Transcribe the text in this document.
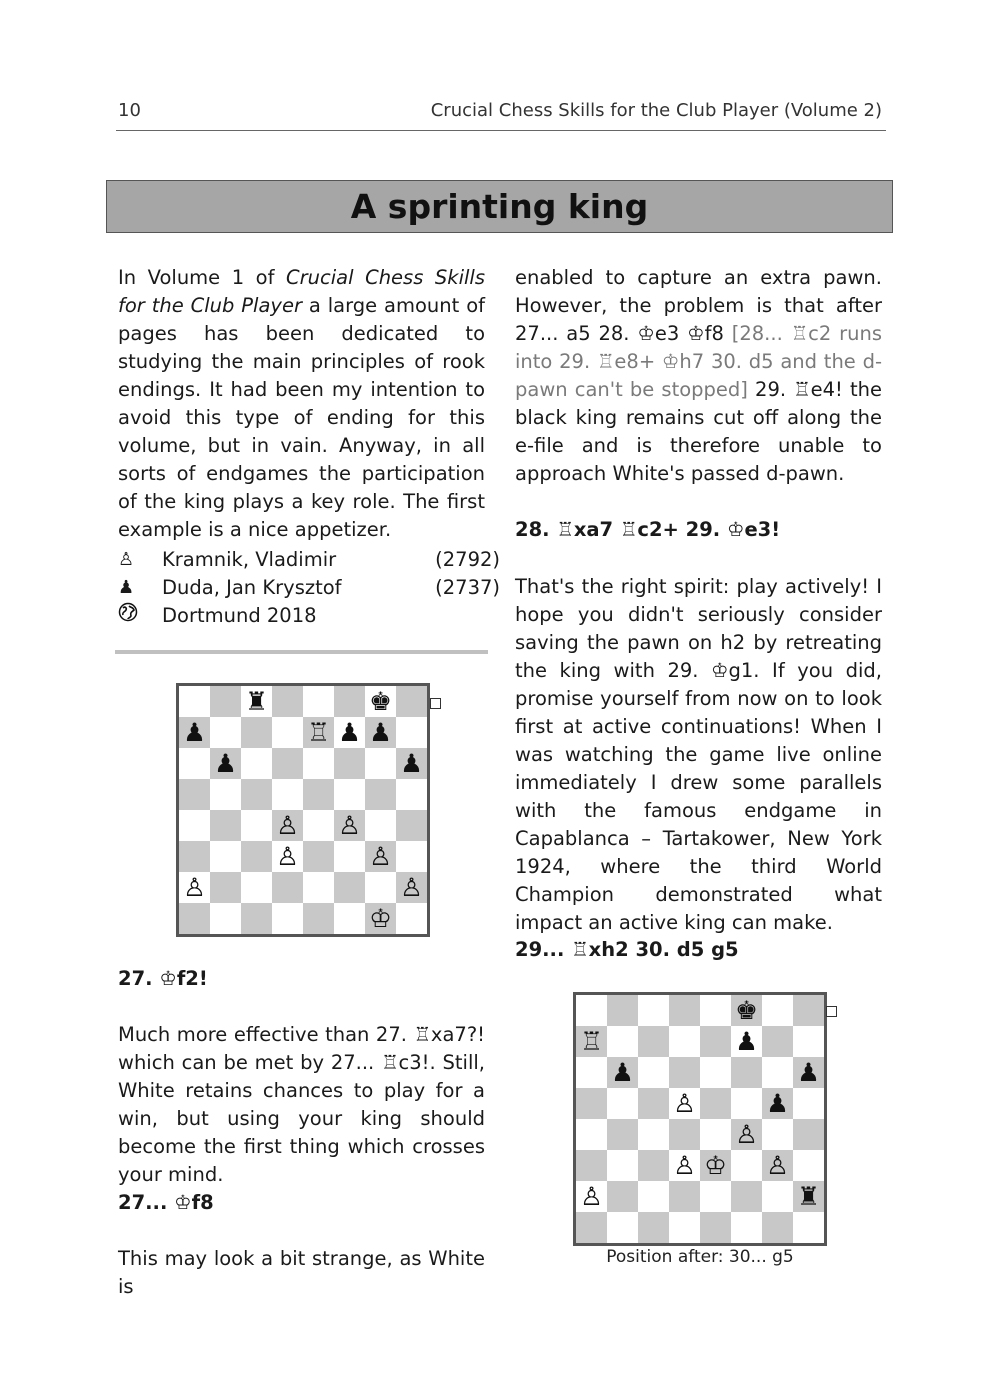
10	Crucial Chess Skills for the Club Player (Volume 2)
A sprinting king

In Volume 1 of Crucial Chess Skills for the Club Player a large amount of pages has been dedicated to studying the main principles of rook endings. It had been my intention to avoid this type of ending for this volume, but in vain. Anyway, in all sorts of endgames the participation of the king plays a key role. The first example is a nice appetizer.

♙	Kramnik, Vladimir	(2792)
♟	Duda, Jan Krysztof	(2737)
Dortmund 2018
♜	♚
♟	♖ ♟ ♟
♟	♟
♙ ♙
♙	♙
♙	♙
♔
27. ♔f2!

Much more effective than 27. ♖xa7?! which can be met by 27... ♖c3!. Still, White retains chances to play for a win, but using your king should become the first thing which crosses your mind.

27... ♔f8

This may look a bit strange, as White is

enabled to capture an extra pawn. However, the problem is that after 27... a5 28. ♔e3 ♔f8 [28... ♖c2 runs into 29. ♖e8+ ♔h7 30. d5 and the d-pawn can't be stopped] 29. ♖e4! the black king remains cut off along the e-file and is therefore unable to approach White's passed d-pawn.

28. ♖xa7 ♖c2+ 29. ♔e3!

That's the right spirit: play actively! I hope you didn't seriously consider saving the pawn on h2 by retreating the king with 29. ♔g1. If you did, promise yourself from now on to look first at active continuations! When I was watching the game live online immediately I drew some parallels with the famous endgame in Capablanca – Tartakower, New York 1924, where the third World Champion demonstrated what impact an active king can make.

29... ♖xh2 30. d5 g5
♚
♖	♟
♟	♟
♙	♟
♙
♙ ♔ ♙
♙	♜
Position after: 30... g5
